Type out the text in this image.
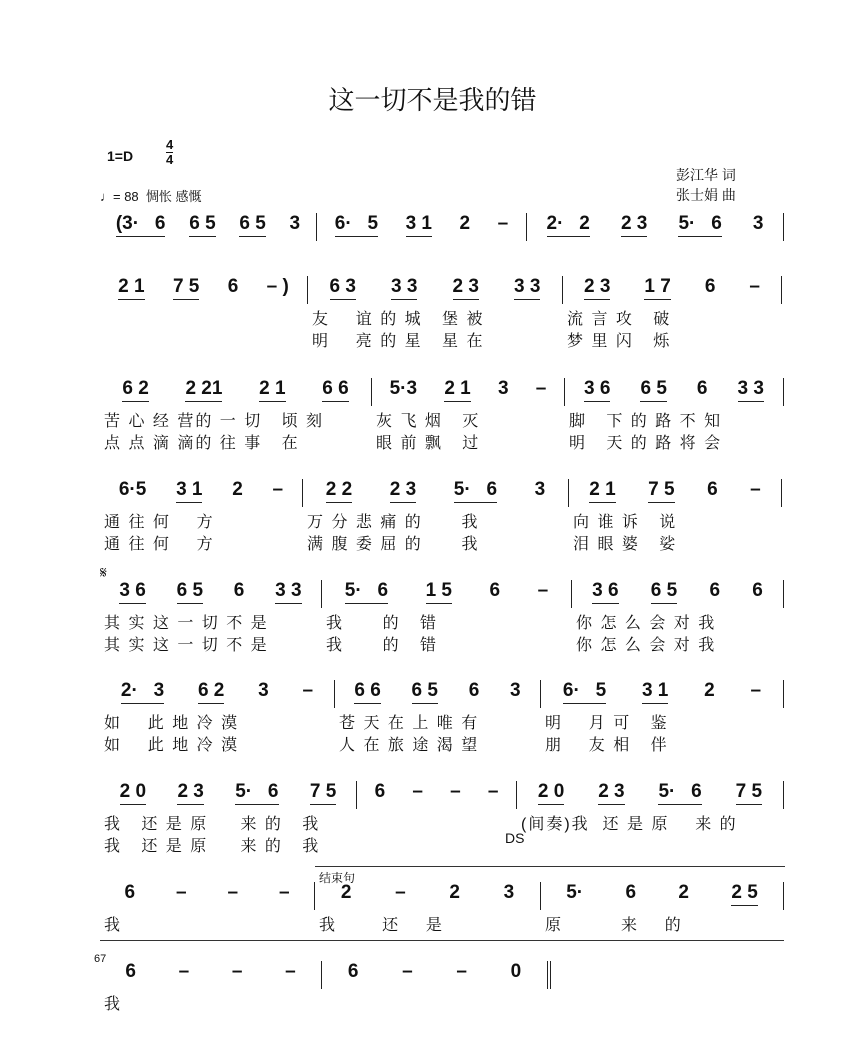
这一切不是我的错
1=D
4
4
♩= 88 惆怅 感慨
彭江华 词
张士娟 曲
𝄋
结束句
DS
67
(3·   6 6 5 6 5 3 6·   5 3 1 2 – 2·   2 2 3 5·   6 3
2 1 7 5 6 – ) 6 3 3 3 2 3 3 3 2 3 1 7 6 –
友    谊 的 城   堡 被	流 言 攻   破
明    亮 的 星   星 在	梦 里 闪   烁
6 2 2 21 2 1 6 6 5·3 2 1 3 – 3 6 6 5 6 3 3
苦 心 经 营的 一 切   顷 刻	灰 飞 烟   灭	脚   下 的 路 不 知
点 点 滴 滴的 往 事   在	眼 前 飘   过	明   天 的 路 将 会
6·5 3 1 2 – 2 2 2 3 5·   6 3 2 1 7 5 6 –
通 往 何    方	万 分 悲 痛 的      我	向 谁 诉   说
通 往 何    方	满 腹 委 屈 的      我	泪 眼 婆   娑
3 6 6 5 6 3 3 5·   6 1 5 6 – 3 6 6 5 6 6
其 实 这 一 切 不 是	我      的   错	你 怎 么 会 对 我
其 实 这 一 切 不 是	我      的   错	你 怎 么 会 对 我
2·   3 6 2 3 – 6 6 6 5 6 3 6·   5 3 1 2 –
如    此 地 冷 漠	苍 天 在 上 唯 有	明    月 可   鉴
如    此 地 冷 漠	人 在 旅 途 渴 望	朋    友 相   伴
2 0 2 3 5·   6 7 5 6 – – – 2 0 2 3 5·   6 7 5
我   还 是 原     来 的   我	(间奏)我  还 是 原    来 的
我   还 是 原     来 的   我
6 – – –	2 – 2 3	5· 6 2 2 5
我	我       还    是	原         来    的
6 – – –	6 – – 0
我
